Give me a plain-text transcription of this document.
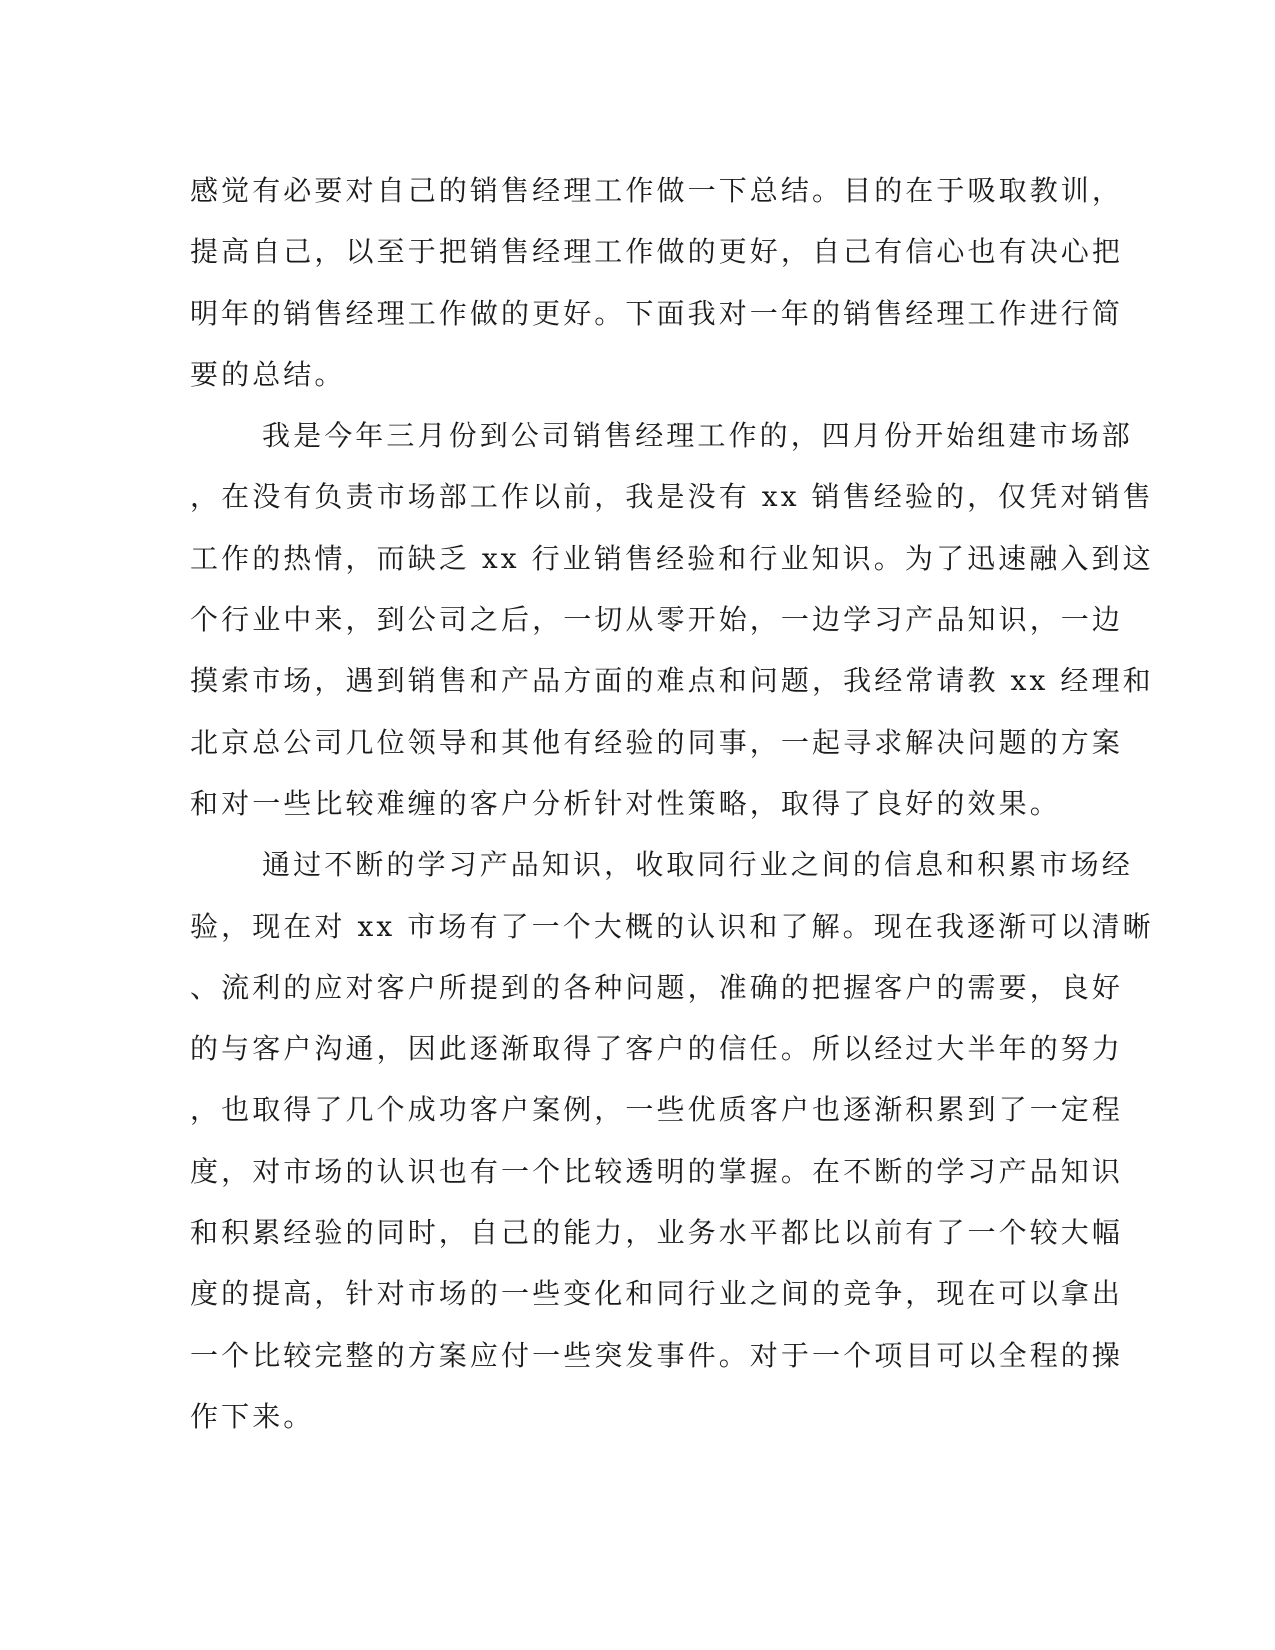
感觉有必要对自己的销售经理工作做一下总结。目的在于吸取教训，
提高自己，以至于把销售经理工作做的更好，自己有信心也有决心把
明年的销售经理工作做的更好。下面我对一年的销售经理工作进行简
要的总结。
我是今年三月份到公司销售经理工作的，四月份开始组建市场部
，在没有负责市场部工作以前，我是没有 xx 销售经验的，仅凭对销售
工作的热情，而缺乏 xx 行业销售经验和行业知识。为了迅速融入到这
个行业中来，到公司之后，一切从零开始，一边学习产品知识，一边
摸索市场，遇到销售和产品方面的难点和问题，我经常请教 xx 经理和
北京总公司几位领导和其他有经验的同事，一起寻求解决问题的方案
和对一些比较难缠的客户分析针对性策略，取得了良好的效果。
通过不断的学习产品知识，收取同行业之间的信息和积累市场经
验，现在对 xx 市场有了一个大概的认识和了解。现在我逐渐可以清晰
、流利的应对客户所提到的各种问题，准确的把握客户的需要，良好
的与客户沟通，因此逐渐取得了客户的信任。所以经过大半年的努力
，也取得了几个成功客户案例，一些优质客户也逐渐积累到了一定程
度，对市场的认识也有一个比较透明的掌握。在不断的学习产品知识
和积累经验的同时，自己的能力，业务水平都比以前有了一个较大幅
度的提高，针对市场的一些变化和同行业之间的竞争，现在可以拿出
一个比较完整的方案应付一些突发事件。对于一个项目可以全程的操
作下来。
